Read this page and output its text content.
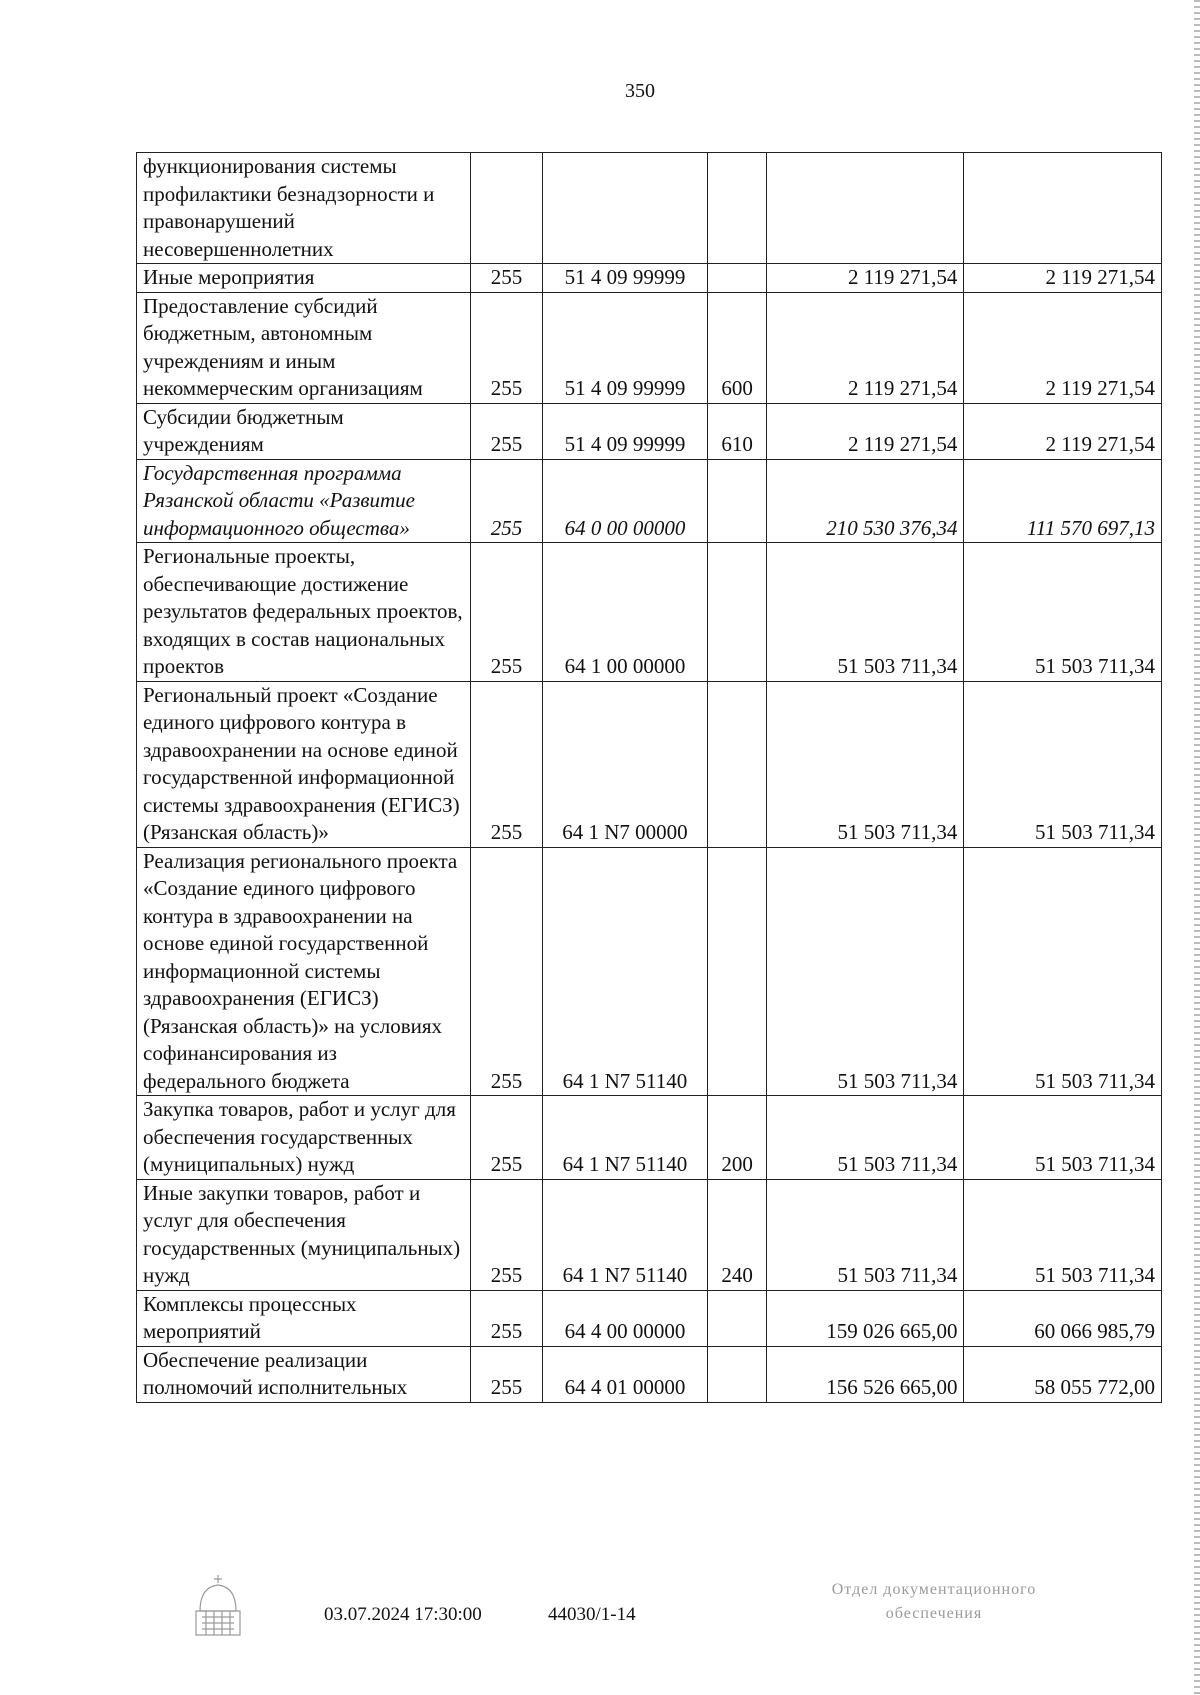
350
функционирования системы профилактики безнадзорности и правонарушений несовершеннолетних					
Иные мероприятия	255	51 4 09 99999		2 119 271,54	2 119 271,54
Предоставление субсидий бюджетным, автономным учреждениям и иным некоммерческим организациям	255	51 4 09 99999	600	2 119 271,54	2 119 271,54
Субсидии бюджетным учреждениям	255	51 4 09 99999	610	2 119 271,54	2 119 271,54
Государственная программа Рязанской области «Развитие информационного общества»	255	64 0 00 00000		210 530 376,34	111 570 697,13
Региональные проекты, обеспечивающие достижение результатов федеральных проектов, входящих в состав национальных проектов	255	64 1 00 00000		51 503 711,34	51 503 711,34
Региональный проект «Создание единого цифрового контура в здравоохранении на основе единой государственной информационной системы здравоохранения (ЕГИСЗ) (Рязанская область)»	255	64 1 N7 00000		51 503 711,34	51 503 711,34
Реализация регионального проекта «Создание единого цифрового контура в здравоохранении на основе единой государственной информационной системы здравоохранения (ЕГИСЗ) (Рязанская область)» на условиях софинансирования из федерального бюджета	255	64 1 N7 51140		51 503 711,34	51 503 711,34
Закупка товаров, работ и услуг для обеспечения государственных (муниципальных) нужд	255	64 1 N7 51140	200	51 503 711,34	51 503 711,34
Иные закупки товаров, работ и услуг для обеспечения государственных (муниципальных) нужд	255	64 1 N7 51140	240	51 503 711,34	51 503 711,34
Комплексы процессных мероприятий	255	64 4 00 00000		159 026 665,00	60 066 985,79
Обеспечение реализации полномочий исполнительных	255	64 4 01 00000		156 526 665,00	58 055 772,00
03.07.2024 17:30:00	44030/1-14
Отдел документационного
обеспечения
